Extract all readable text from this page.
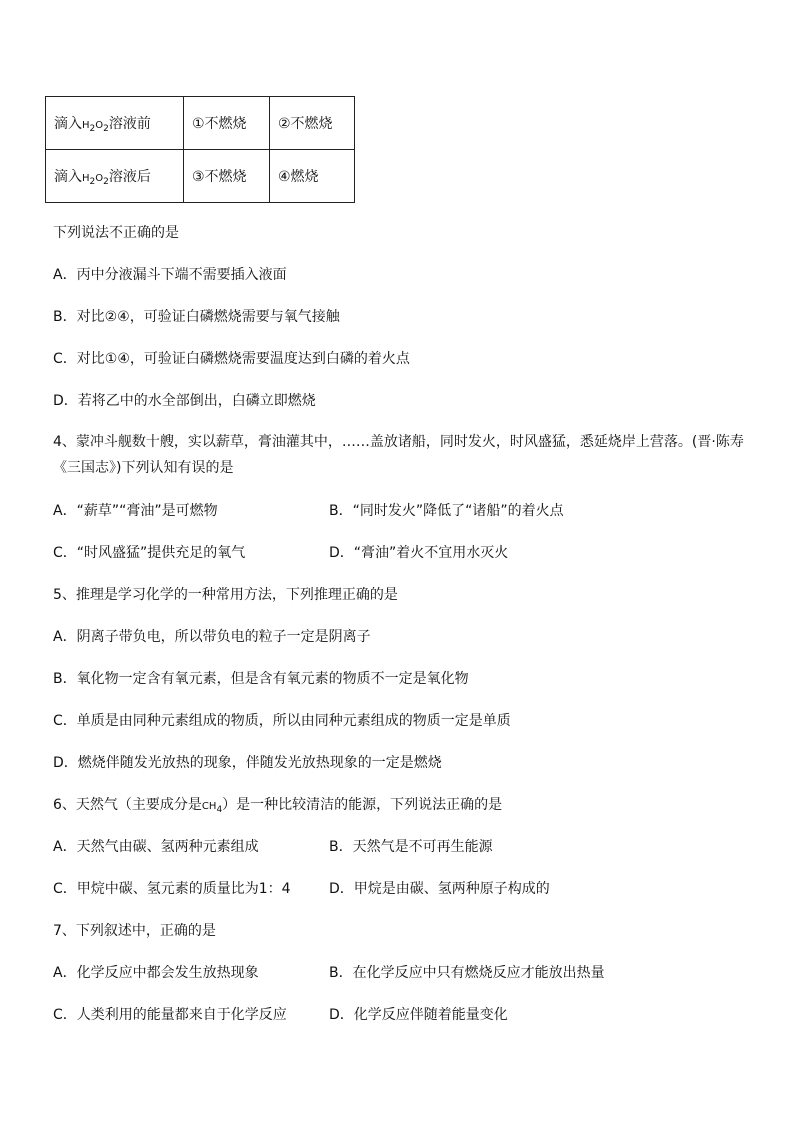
滴入$H_2O_2$溶液前	①不燃烧	②不燃烧
滴入$H_2O_2$溶液后	③不燃烧	④燃烧
下列说法不正确的是
A．丙中分液漏斗下端不需要插入液面
B．对比②④，可验证白磷燃烧需要与氧气接触
C．对比①④，可验证白磷燃烧需要温度达到白磷的着火点
D．若将乙中的水全部倒出，白磷立即燃烧
4、蒙冲斗舰数十艘，实以薪草，膏油灌其中，……盖放诸船，同时发火，时风盛猛，悉延烧岸上营落。(晋·陈寿《三国志》)下列认知有误的是
A．“薪草”“膏油”是可燃物	B．“同时发火”降低了“诸船”的着火点
C．“时风盛猛”提供充足的氧气	D．“膏油”着火不宜用水灭火
5、推理是学习化学的一种常用方法，下列推理正确的是
A．阴离子带负电，所以带负电的粒子一定是阴离子
B．氧化物一定含有氧元素，但是含有氧元素的物质不一定是氧化物
C．单质是由同种元素组成的物质，所以由同种元素组成的物质一定是单质
D．燃烧伴随发光放热的现象，伴随发光放热现象的一定是燃烧
6、天然气（主要成分是$CH_4$）是一种比较清洁的能源，下列说法正确的是
A．天然气由碳、氢两种元素组成	B．天然气是不可再生能源
C．甲烷中碳、氢元素的质量比为1：4	D．甲烷是由碳、氢两种原子构成的
7、下列叙述中，正确的是
A．化学反应中都会发生放热现象	B．在化学反应中只有燃烧反应才能放出热量
C．人类利用的能量都来自于化学反应	D．化学反应伴随着能量变化
